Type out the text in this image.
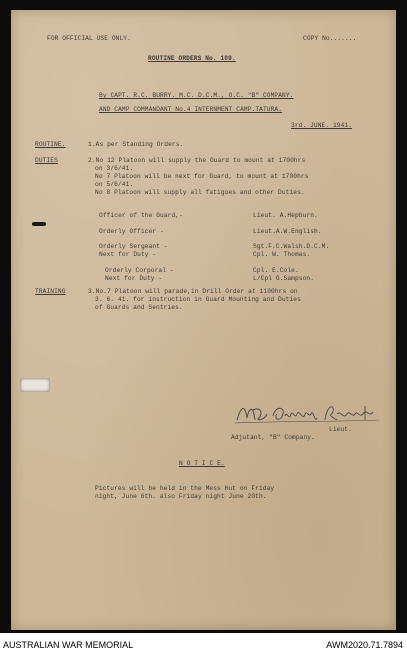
FOR OFFICIAL USE ONLY.	COPY No.......
ROUTINE ORDERS No. 109.
By CAPT. R.C. BURRY. M.C. D.C.M., O.C. "B" COMPANY.
AND CAMP COMMANDANT No.4 INTERNMENT CAMP.TATURA.
3rd. JUNE. 1941.
ROUTINE.	1.As per Standing Orders.
DUTIES	2.No 12 Platoon will supply the Guard to mount at 1700hrs
on 3/6/41.
No 7 Platoon will be next for Guard, to mount at 1700hrs
on 5/6/41.
No 8 Platoon will supply all fatigues and other Duties.
Officer of the Guard,-	Lieut. A.Hepburn.
Orderly Officer -	Lieut.A.W.English.
Orderly Sergeant -	Sgt.F.C.Walsh.D.C.M.
Next for Duty -	Cpl. W. Thomas.
Orderly Corporal -	Cpl. E.Cole.
Next for Duty -	L/Cpl G.Sampson.
TRAINING	3.No.7 Platoon will parade,in Drill Order at 1100hrs on
3. 6. 41. for instruction in Guard Mounting and Duties
of Guards and Sentries.
Lieut.
Adjutant, "B" Company.
N O T I C E.
Pictures will be held in the Mess Hut on Friday
night, June 6th. also Friday night June 20th.
AUSTRALIAN WAR MEMORIAL	AWM2020.71.7894
